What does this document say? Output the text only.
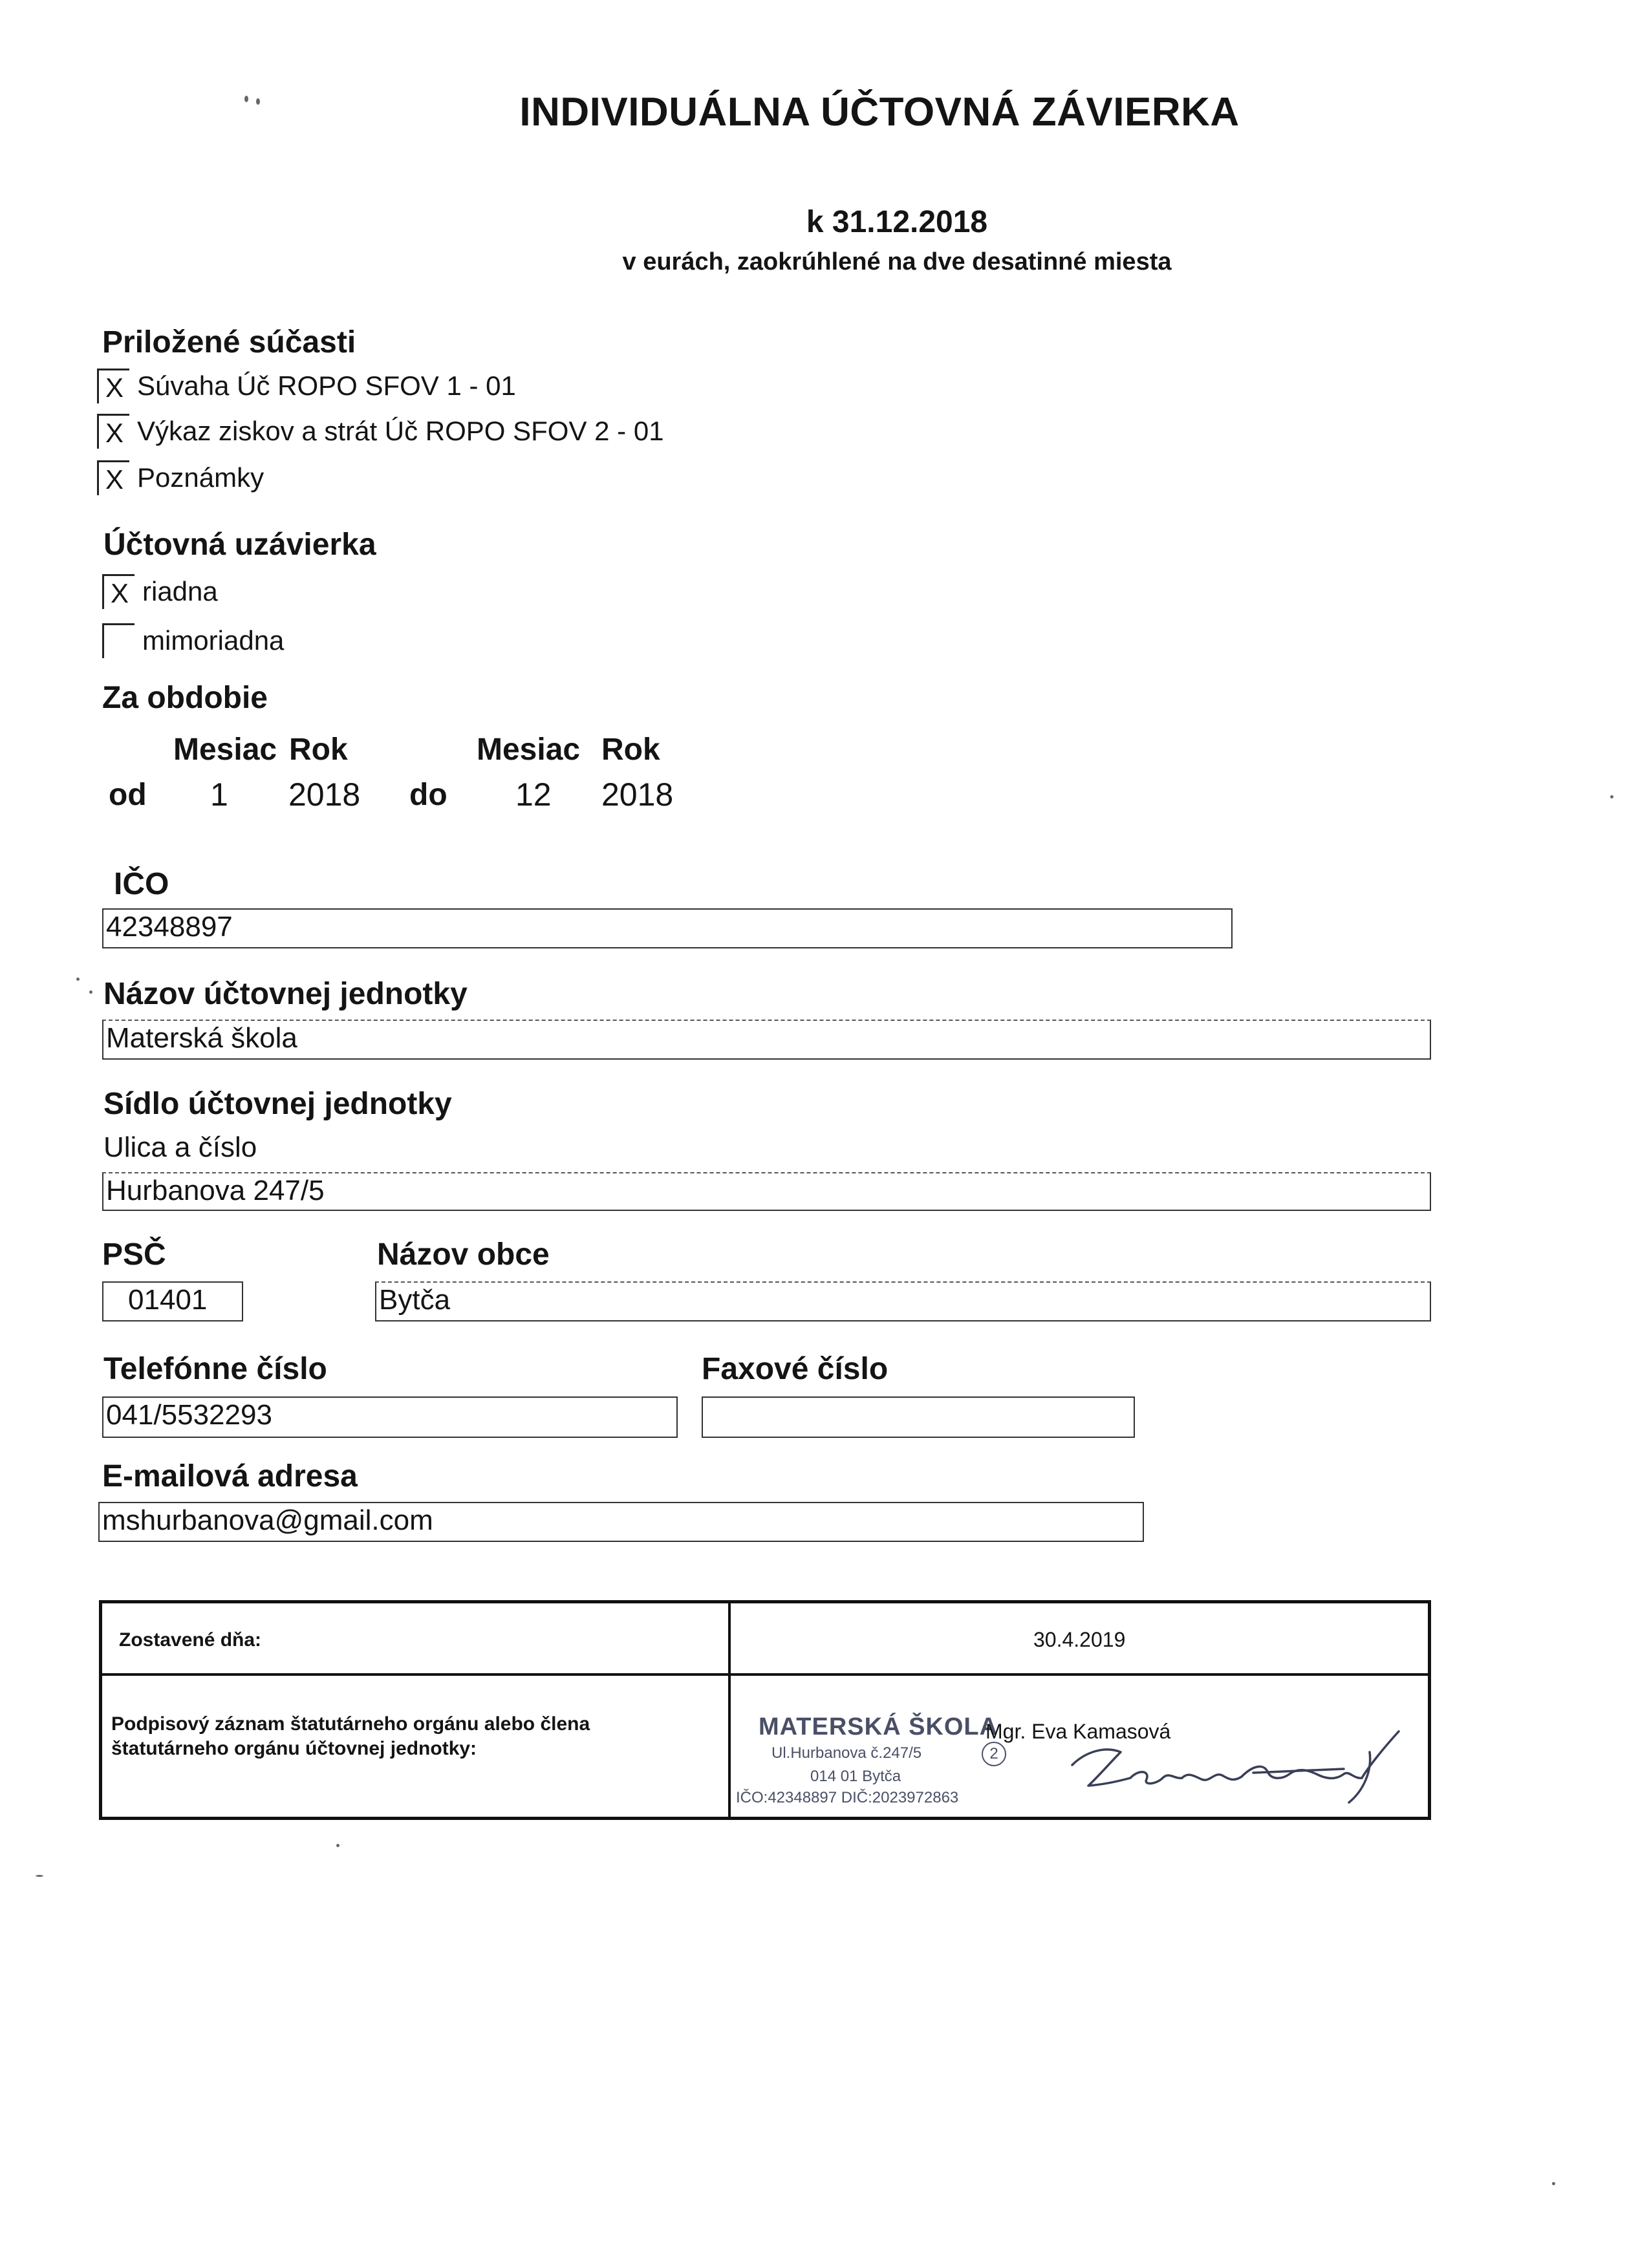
INDIVIDUÁLNA ÚČTOVNÁ ZÁVIERKA
k 31.12.2018
v eurách, zaokrúhlené na dve desatinné miesta
Priložené súčasti
X Súvaha Úč ROPO SFOV 1 - 01
X Výkaz ziskov a strát Úč ROPO SFOV 2 - 01
X Poznámky
Účtovná uzávierka
X riadna
mimoriadna
Za obdobie
Mesiac Rok	Mesiac Rok
od 1 2018 do 12 2018
IČO
42348897
Názov účtovnej jednotky
Materská škola
Sídlo účtovnej jednotky
Ulica a číslo
Hurbanova 247/5
PSČ	Názov obce
01401	Bytča
Telefónne číslo	Faxové číslo
041/5532293
E-mailová adresa
mshurbanova@gmail.com
Zostavené dňa:	30.4.2019
Podpisový záznam štatutárneho orgánu alebo člena štatutárneho orgánu účtovnej jednotky:
MATERSKÁ ŠKOLA
Mgr. Eva Kamasová
Ul.Hurbanova č.247/5	2
014 01 Bytča
IČO:42348897 DIČ:2023972863
